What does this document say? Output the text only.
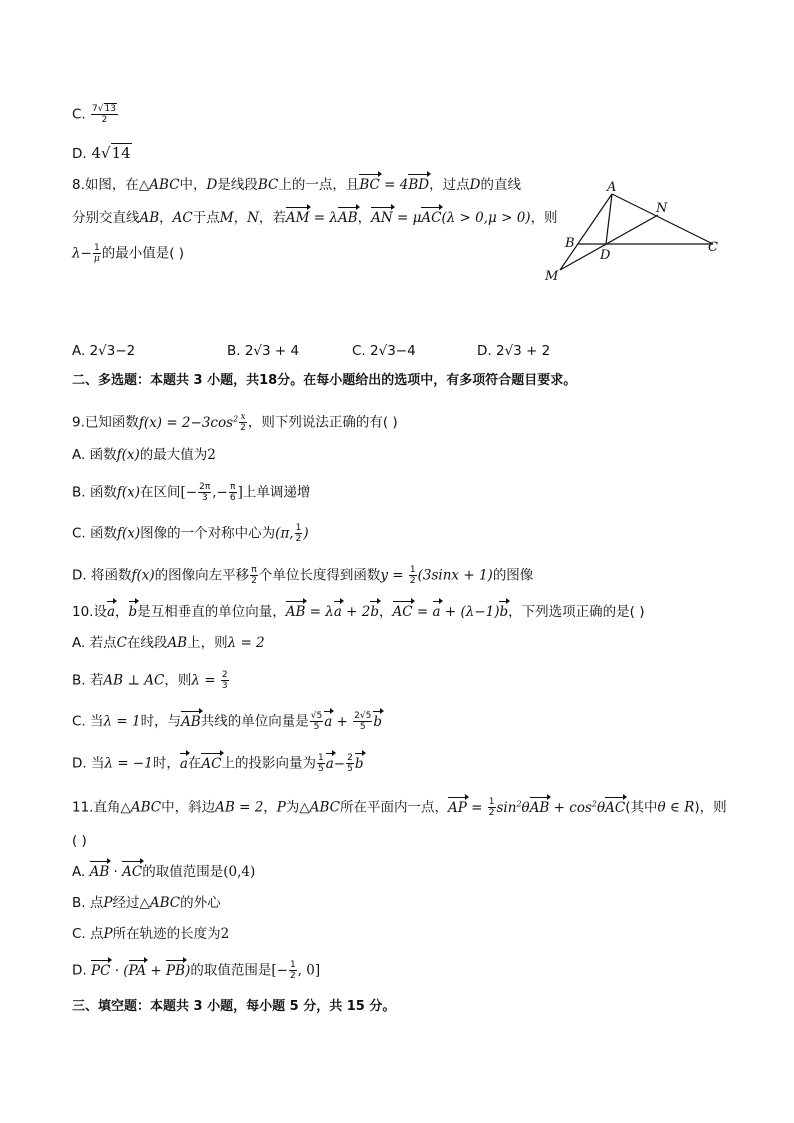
C. $\frac{7√13}{2}$
D. 4√14
8.如图，在△ABC中，D是线段BC上的一点，且BC = 4BD，过点D的直线
分别交直线AB，AC于点M，N，若AM = λAB，AN = μAC(λ > 0,μ > 0)，则
$\lambda- \frac{1}{\mu}$ 的最小值是( )
A
N
B
D
C
M
A. 2√3−2	B. 2√3 + 4	C. 2√3−4	D. 2√3 + 2
二、多选题：本题共 3 小题，共18分。在每小题给出的选项中，有多项符合题目要求。
9.已知函数$f(x) = 2-3\cos^2 \frac{x}{2}$ ，则下列说法正确的有( )
A. 函数f(x)的最大值为2
B. 函数f(x)在区间[− $\frac{2\pi}{3}$ ,− $\frac{\pi}{6}$ ]上单调递增
C. 函数f(x)图像的一个对称中心为(π, $\frac{1}{2}$ )
D. 将函数f(x)的图像向左平移 $\frac{\pi}{2}$ 个单位长度得到函数$y = \frac{1}{2} (3\sin x + 1)$的图像
10.设a，b是互相垂直的单位向量，AB = λa + 2b，AC = a + (λ−1)b，下列选项正确的是( )
A. 若点C在线段AB上，则λ = 2
B. 若AB ⊥ AC，则$\lambda = \frac{2}{3}$
C. 当λ = 1时，与AB共线的单位向量是 $\frac{√5}{5}$ $a + \frac{2√5}{5}$ b
D. 当λ = −1时，a在AC上的投影向量为 $\frac{1}{5} a- \frac{2}{5}$ b
11.直角△ABC中，斜边AB = 2，P为△ABC所在平面内一点，AP = $\frac{1}{2} \sin^2\theta AB + \cos^2\theta AC$(其中θ ∈ R)，则
( )
A. AB · AC的取值范围是(0,4)
B. 点P经过△ABC的外心
C. 点P所在轨迹的长度为2
D. PC · (PA + PB)的取值范围是[− $\frac{1}{2}$ , 0]
三、填空题：本题共 3 小题，每小题 5 分，共 15 分。
